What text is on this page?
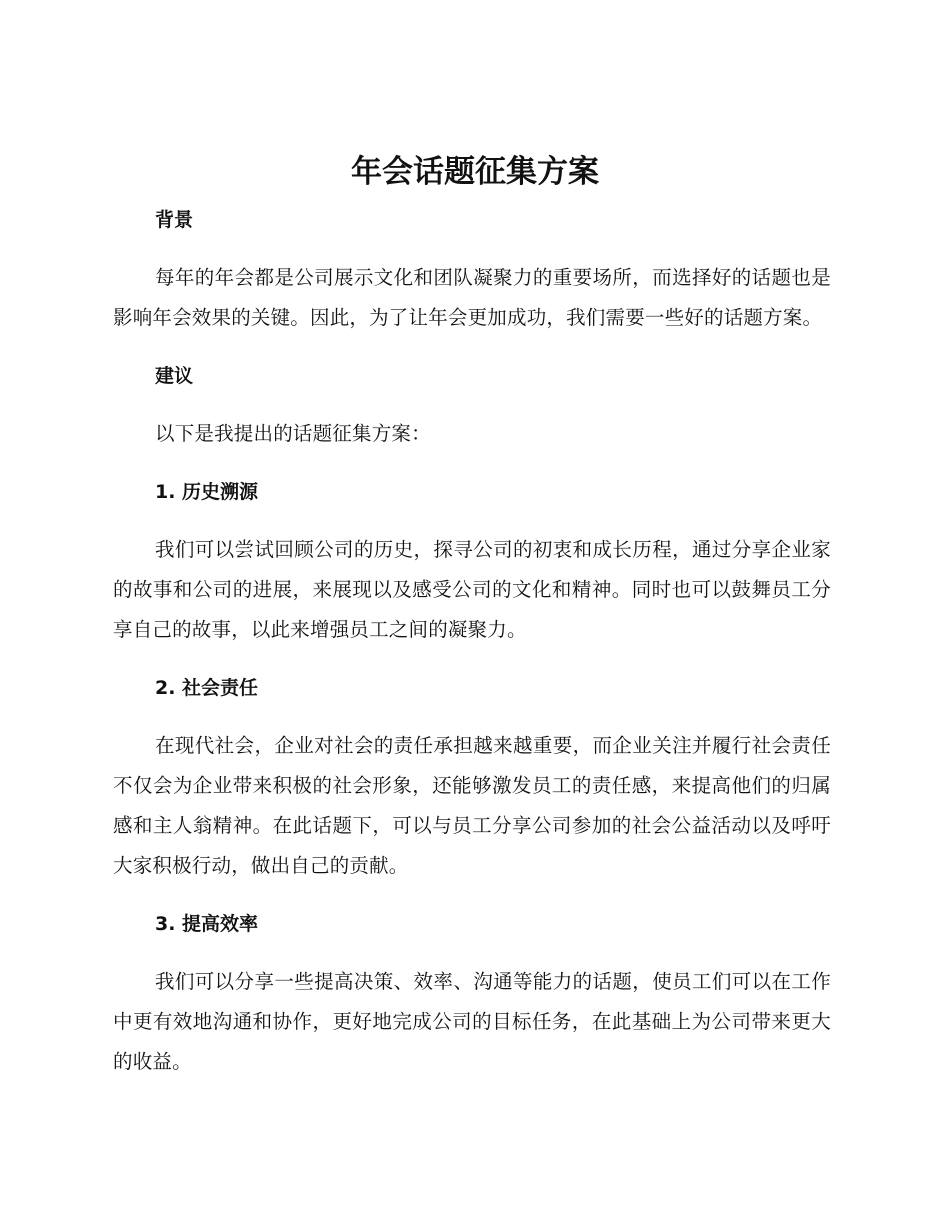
年会话题征集方案
背景

每年的年会都是公司展示文化和团队凝聚力的重要场所，而选择好的话题也是影响年会效果的关键。因此，为了让年会更加成功，我们需要一些好的话题方案。

建议

以下是我提出的话题征集方案：

1. 历史溯源

我们可以尝试回顾公司的历史，探寻公司的初衷和成长历程，通过分享企业家的故事和公司的进展，来展现以及感受公司的文化和精神。同时也可以鼓舞员工分享自己的故事，以此来增强员工之间的凝聚力。

2. 社会责任

在现代社会，企业对社会的责任承担越来越重要，而企业关注并履行社会责任不仅会为企业带来积极的社会形象，还能够激发员工的责任感，来提高他们的归属感和主人翁精神。在此话题下，可以与员工分享公司参加的社会公益活动以及呼吁大家积极行动，做出自己的贡献。

3. 提高效率

我们可以分享一些提高决策、效率、沟通等能力的话题，使员工们可以在工作中更有效地沟通和协作，更好地完成公司的目标任务，在此基础上为公司带来更大的收益。
